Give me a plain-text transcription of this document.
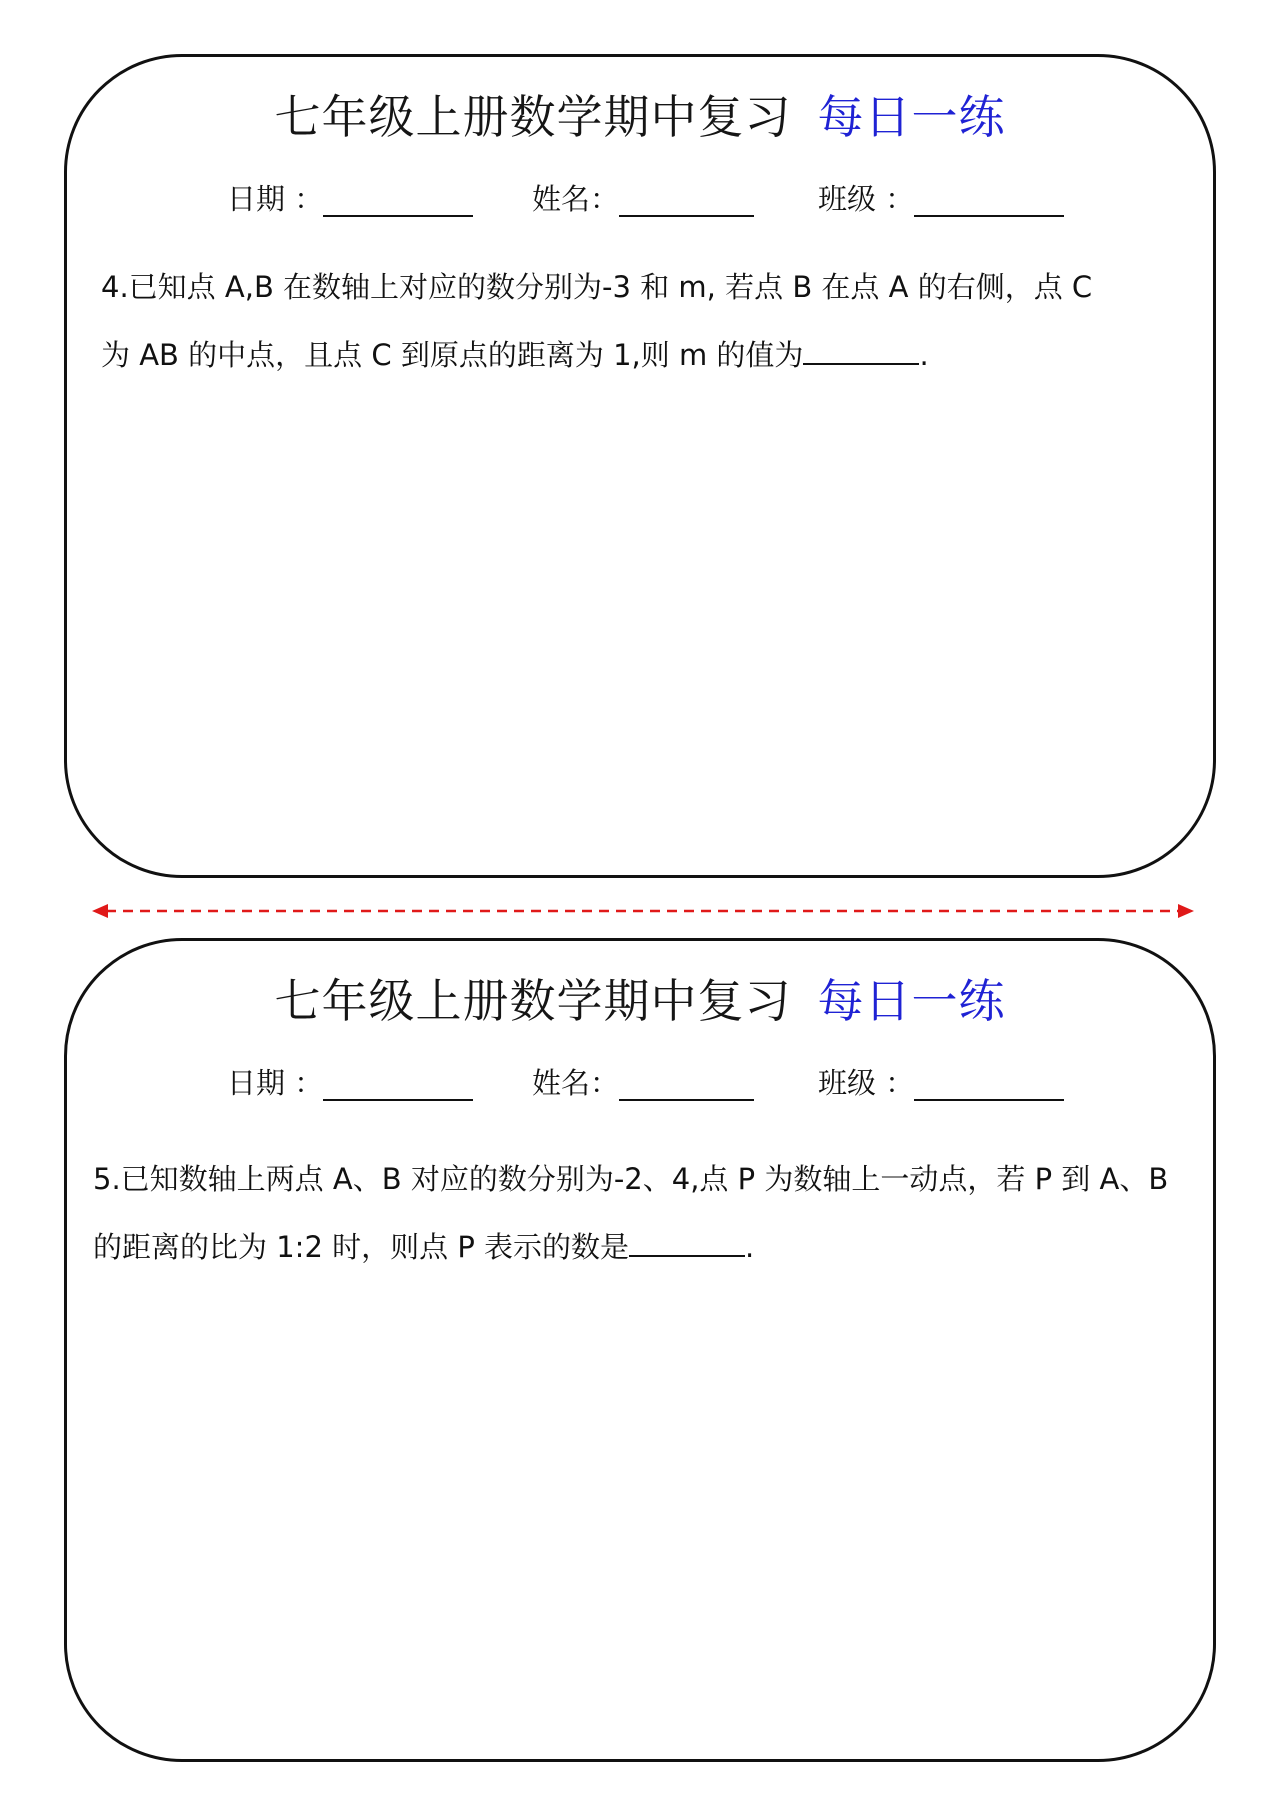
七年级上册数学期中复习 每日一练
日期 ：	姓名：	班级 ：
4.已知点 A,B 在数轴上对应的数分别为-3 和 m, 若点 B 在点 A 的右侧，点 C
为 AB 的中点，且点 C 到原点的距离为 1,则 m 的值为	.
七年级上册数学期中复习 每日一练
日期 ：	姓名：	班级 ：
5.已知数轴上两点 A、B 对应的数分别为-2、4,点 P 为数轴上一动点，若 P 到 A、B
的距离的比为 1:2 时，则点 P 表示的数是	.
